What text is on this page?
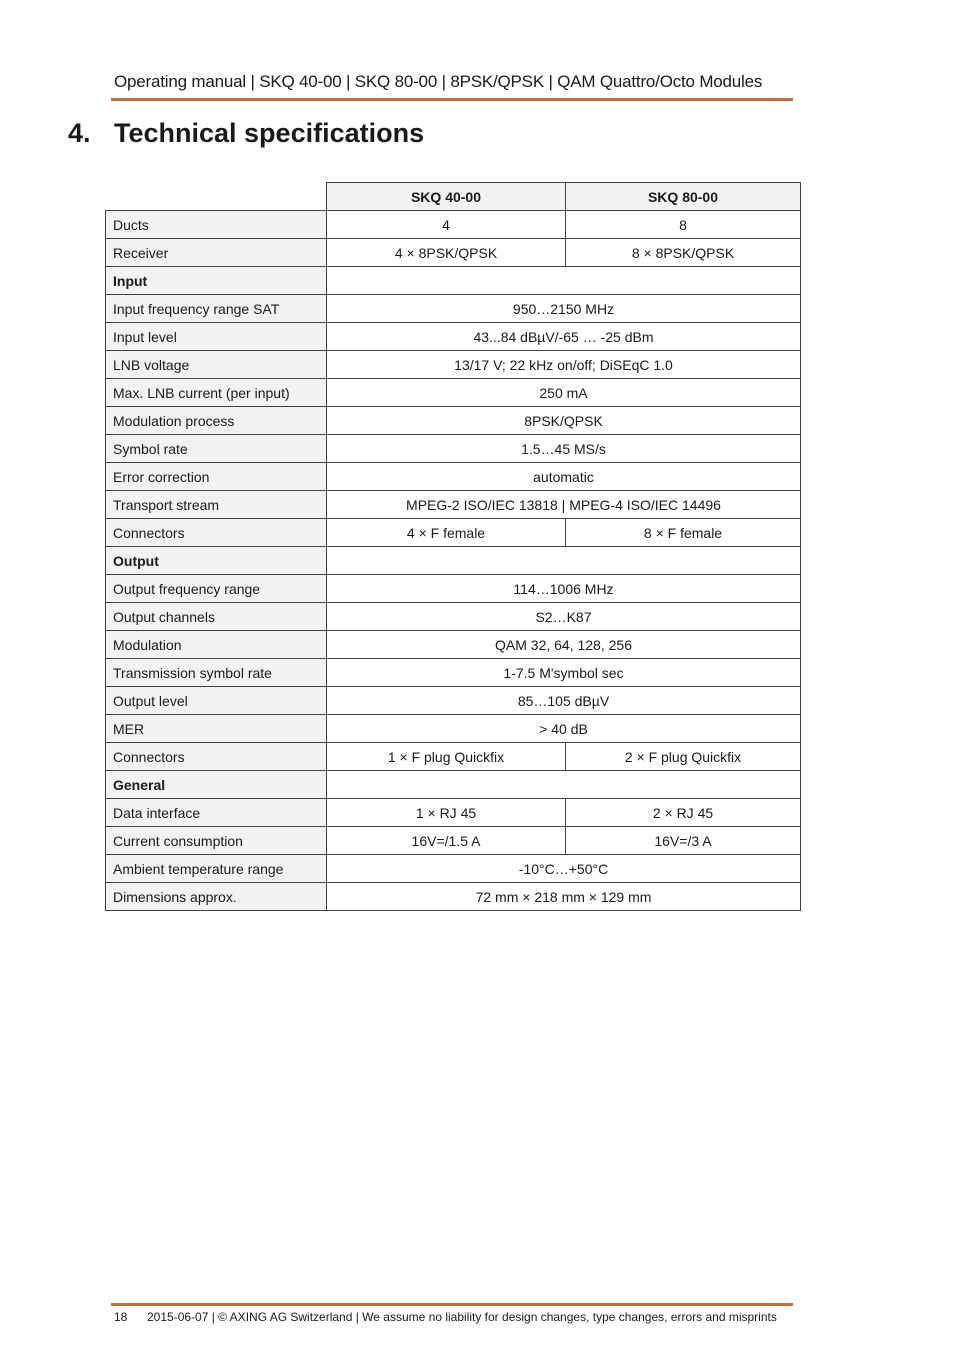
Operating manual | SKQ 40-00 | SKQ 80-00 | 8PSK/QPSK | QAM Quattro/Octo Modules
4. Technical specifications
	SKQ 40-00	SKQ 80-00
Ducts	4	8
Receiver	4 × 8PSK/QPSK	8 × 8PSK/QPSK
Input		
Input frequency range SAT	950…2150 MHz	
Input level	43...84 dBµV/-65 … -25 dBm	
LNB voltage	13/17 V; 22 kHz on/off; DiSEqC 1.0	
Max. LNB current (per input)	250 mA	
Modulation process	8PSK/QPSK	
Symbol rate	1.5…45 MS/s	
Error correction	automatic	
Transport stream	MPEG-2 ISO/IEC 13818 | MPEG-4 ISO/IEC 14496	
Connectors	4 × F female	8 × F female
Output		
Output frequency range	114…1006 MHz	
Output channels	S2…K87	
Modulation	QAM 32, 64, 128, 256	
Transmission symbol rate	1-7.5 M'symbol sec	
Output level	85…105 dBµV	
MER	> 40 dB	
Connectors	1 × F plug Quickfix	2 × F plug Quickfix
General		
Data interface	1 × RJ 45	2 × RJ 45
Current consumption	16V=/1.5 A	16V=/3 A
Ambient temperature range	-10°C…+50°C	
Dimensions approx.	72 mm × 218 mm × 129 mm	
18 2015-06-07 | © AXING AG Switzerland | We assume no liability for design changes, type changes, errors and misprints
